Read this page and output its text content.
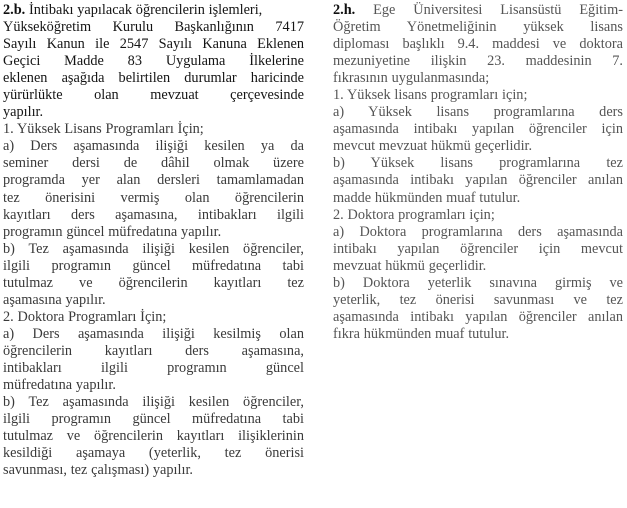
2.b. İntibakı yapılacak öğrencilerin işlemleri,
Yükseköğretim Kurulu Başkanlığının 7417
Sayılı Kanun ile 2547 Sayılı Kanuna Eklenen
Geçici Madde 83 Uygulama İlkelerine
eklenen aşağıda belirtilen durumlar haricinde
yürürlükte olan mevzuat çerçevesinde
yapılır.
1. Yüksek Lisans Programları İçin;
a) Ders aşamasında ilişiği kesilen ya da
seminer dersi de dâhil olmak üzere
programda yer alan dersleri tamamlamadan
tez önerisini vermiş olan öğrencilerin
kayıtları ders aşamasına, intibakları ilgili
programın güncel müfredatına yapılır.
b) Tez aşamasında ilişiği kesilen öğrenciler,
ilgili programın güncel müfredatına tabi
tutulmaz ve öğrencilerin kayıtları tez
aşamasına yapılır.
2. Doktora Programları İçin;
a) Ders aşamasında ilişiği kesilmiş olan
öğrencilerin kayıtları ders aşamasına,
intibakları ilgili programın güncel
müfredatına yapılır.
b) Tez aşamasında ilişiği kesilen öğrenciler,
ilgili programın güncel müfredatına tabi
tutulmaz ve öğrencilerin kayıtları ilişiklerinin
kesildiği aşamaya (yeterlik, tez önerisi
savunması, tez çalışması) yapılır.
2.h. Ege Üniversitesi Lisansüstü Eğitim-
Öğretim Yönetmeliğinin yüksek lisans
diploması başlıklı 9.4. maddesi ve doktora
mezuniyetine ilişkin 23. maddesinin 7.
fıkrasının uygulanmasında;
1. Yüksek lisans programları için;
a) Yüksek lisans programlarına ders
aşamasında intibakı yapılan öğrenciler için
mevcut mevzuat hükmü geçerlidir.
b) Yüksek lisans programlarına tez
aşamasında intibakı yapılan öğrenciler anılan
madde hükmünden muaf tutulur.
2. Doktora programları için;
a) Doktora programlarına ders aşamasında
intibakı yapılan öğrenciler için mevcut
mevzuat hükmü geçerlidir.
b) Doktora yeterlik sınavına girmiş ve
yeterlik, tez önerisi savunması ve tez
aşamasında intibakı yapılan öğrenciler anılan
fıkra hükmünden muaf tutulur.
